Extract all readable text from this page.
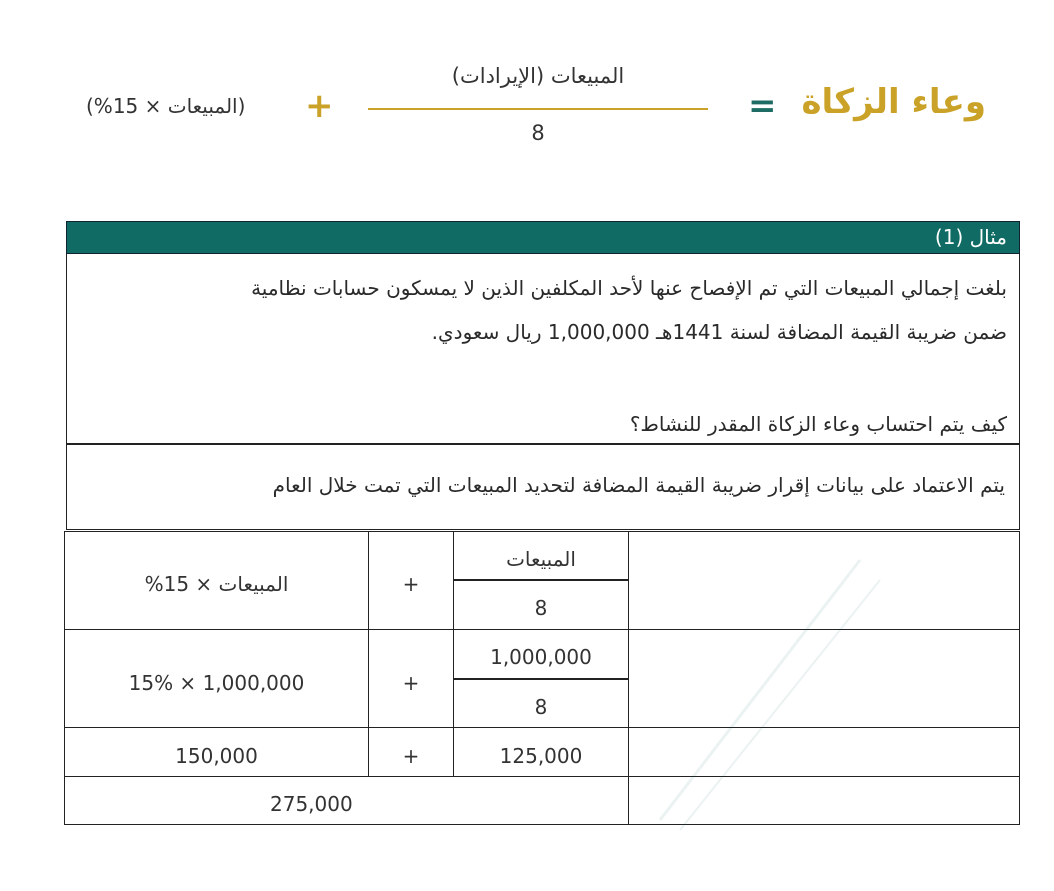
وعاء الزكاة
=
المبيعات (الإيرادات)
8
+
(المبيعات × 15%)
مثال (1)

بلغت إجمالي المبيعات التي تم الإفصاح عنها لأحد المكلفين الذين لا يمسكون حسابات نظامية

ضمن ضريبة القيمة المضافة لسنة 1441هـ 1,000,000 ريال سعودي.

كيف يتم احتساب وعاء الزكاة المقدر للنشاط؟
يتم الاعتماد على بيانات إقرار ضريبة القيمة المضافة لتحديد المبيعات التي تمت خلال العام
المبيعات
8
+
المبيعات × 15%
1,000,000
8
+
1,000,000 × 15%
125,000
+
150,000
275,000
